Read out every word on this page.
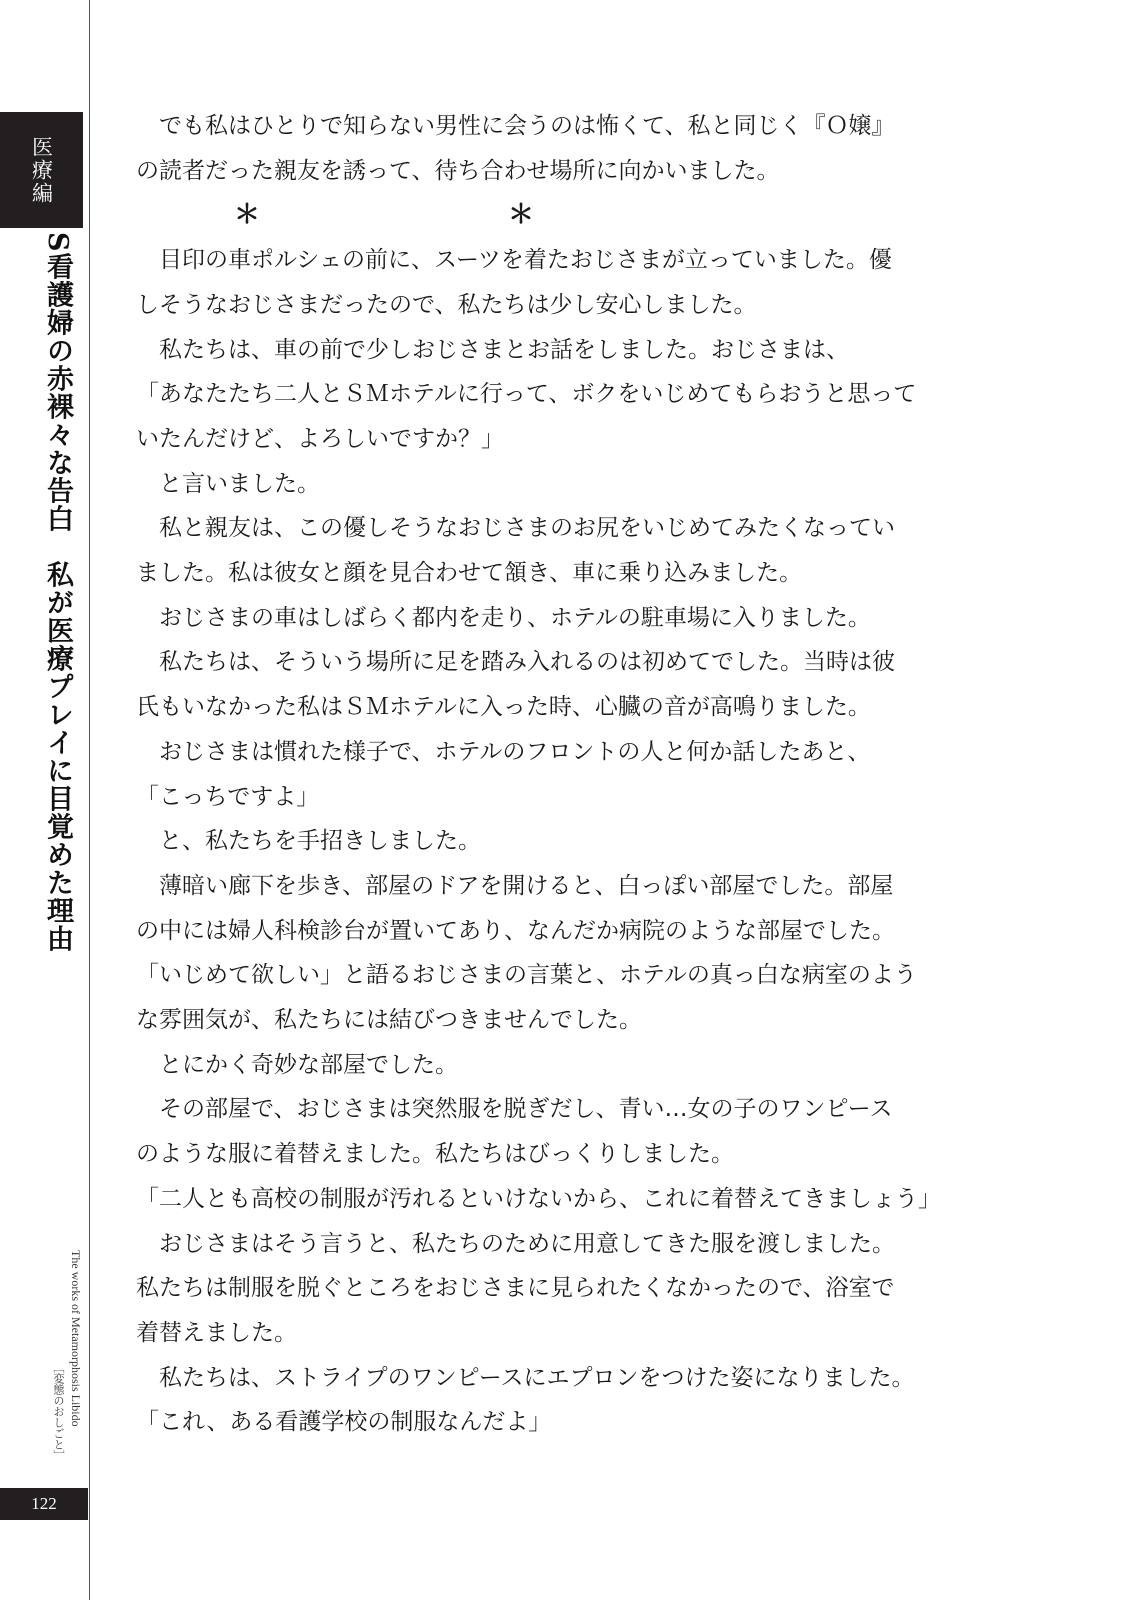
医療編
S看護婦の赤裸々な告白　私が医療プレイに目覚めた理由
The works of Metamorphosis Libido
［変態のおしごと］
122

　でも私はひとりで知らない男性に会うのは怖くて、私と同じく『Ｏ嬢』

の読者だった親友を誘って、待ち合わせ場所に向かいました。

＊	＊

　目印の車ポルシェの前に、スーツを着たおじさまが立っていました。優

しそうなおじさまだったので、私たちは少し安心しました。

　私たちは、車の前で少しおじさまとお話をしました。おじさまは、

「あなたたち二人とＳＭホテルに行って、ボクをいじめてもらおうと思って

いたんだけど、よろしいですか？」

　と言いました。

　私と親友は、この優しそうなおじさまのお尻をいじめてみたくなってい

ました。私は彼女と顔を見合わせて頷き、車に乗り込みました。

　おじさまの車はしばらく都内を走り、ホテルの駐車場に入りました。

　私たちは、そういう場所に足を踏み入れるのは初めてでした。当時は彼

氏もいなかった私はＳＭホテルに入った時、心臓の音が高鳴りました。

　おじさまは慣れた様子で、ホテルのフロントの人と何か話したあと、

「こっちですよ」

　と、私たちを手招きしました。

　薄暗い廊下を歩き、部屋のドアを開けると、白っぽい部屋でした。部屋

の中には婦人科検診台が置いてあり、なんだか病院のような部屋でした。

「いじめて欲しい」と語るおじさまの言葉と、ホテルの真っ白な病室のよう

な雰囲気が、私たちには結びつきませんでした。

　とにかく奇妙な部屋でした。

　その部屋で、おじさまは突然服を脱ぎだし、青い…女の子のワンピース

のような服に着替えました。私たちはびっくりしました。

「二人とも高校の制服が汚れるといけないから、これに着替えてきましょう」

　おじさまはそう言うと、私たちのために用意してきた服を渡しました。

私たちは制服を脱ぐところをおじさまに見られたくなかったので、浴室で

着替えました。

　私たちは、ストライプのワンピースにエプロンをつけた姿になりました。

「これ、ある看護学校の制服なんだよ」
